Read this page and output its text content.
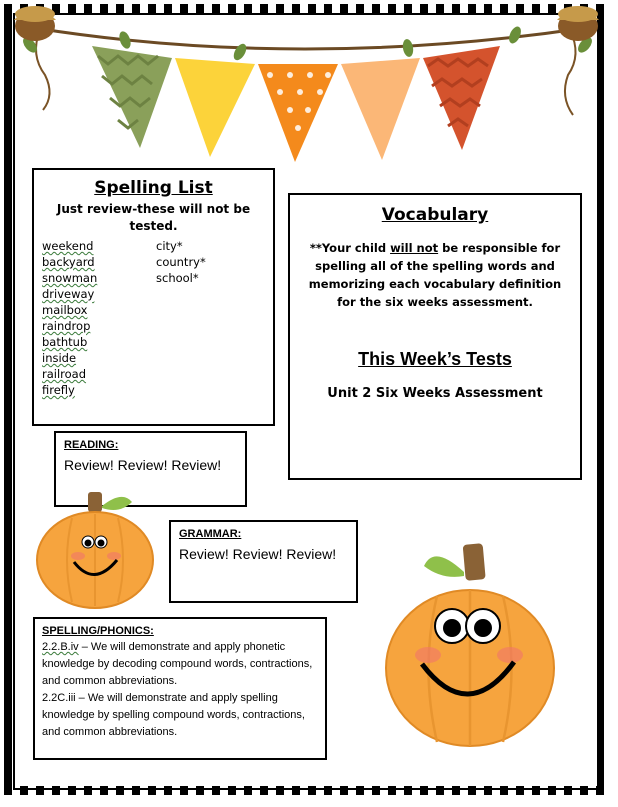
Spelling List
Just review-these will not be
tested.
weekend
backyard
snowman
driveway
mailbox
raindrop
bathtub
inside
railroad
firefly
city*
country*
school*
Vocabulary
**Your child will not be responsible for spelling all of the spelling words and memorizing each vocabulary definition for the six weeks assessment.
This Week’s Tests
Unit 2 Six Weeks Assessment
READING:
Review! Review! Review!
GRAMMAR:
Review! Review! Review!
SPELLING/PHONICS:
2.2.B.iv – We will demonstrate and apply phonetic knowledge by decoding compound words, contractions, and common abbreviations.
2.2C.iii – We will demonstrate and apply spelling knowledge by spelling compound words, contractions, and common abbreviations.
